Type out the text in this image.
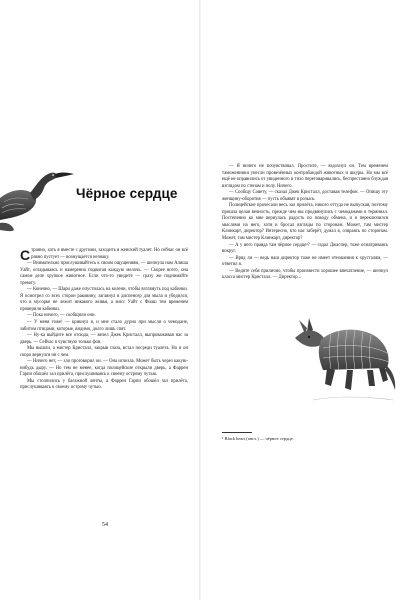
Чёрное сердце

Странно, хоть я вместе с другими, заходить в женский туалет. Но сейчас он всё равно пустует — возмущается незнаку.

— Внимательно прислушивайтесь к своим ощущениям, — шепнула нам Алиша Уайт, оглядываясь и намеренна подвигая каждую мелочь. — Скорее всего, она самом деле хрупкое животное. Если что-то увидите — сразу же поднимайте тревогу.

— Конечно, — Шари даже опустилась на колени, чтобы взглянуть под кабинки. Я осмотрел со всех сторон раковину, заглянул в диспенсер для мыла и убедился, что в мусорке не лежит никакого живья, а мисс Уайт с Фиаш тем временем проверили кабинки.

— Пока ничего, — сообщили они.

— У меня тоже! — крикнул я, и мне стало дурно при мысли о чемодане, забитом птицами, которые, видимо, долго лишь спят.

— Ну-ка выйдите все отсюда, — велел Джек Кристалл, выпроваживая нас за дверь. — Сейчас я чувствую только фон.

Мы вышли, а мистер Кристалл, закрыв глаза, встал посреди туалета. Но и он скоро вернулся ни с чем.

— Ничего нет, — зло проговорил он. — Она исчезла. Может быть через какую-нибудь дыру. — Но тем не менее, когда полицейские открыли дверь, а Фаррен Гарпи обошёл зал прилёта, прислушиваясь к своему острому чутью.

Мы столпились у багажной ленты, а Фаррен Гарпи обошёл зал прилёта, прислушиваясь к своему острому чутью.

54

— Я ничего не почувствовал. Простите, — вздохнул он. Тем временем таможенники унесли провезённых контрабандой животных и шкуры. Но мы всё ещё не оправились от увиденного и тихо переговаривались, беспрестанно блуждая взглядом по стенам и полу. Ничего.

— Сообщу Совету, — сказал Джек Кристалл, доставая телефон. — Опишу эту женщину-оборотня — пусть объявят в розыск.

Полицейские прочесали весь зал прилёта, никого оттуда не выпуская, поэтому прошла целая вечность, прежде чем мы продвинулись с чемоданами в терминал. Постепенно ко мне вернулась радость по поводу обмена, и я переключился мыслями на него, хотя и бросал взгляды по сторонам. Может, там мистер Клинкарт, директор? Интересно, кто нас заберёт, думал я, озираясь по сторонам. Может, там мистер Клинкарт, директор?

— А у него правда там чёрное сердце¹? — гадал Джаспер, тоже осматриваясь вокруг.

— Вряд ли — ведь наш директор тоже не имеет отношения к хрусталям, — ответил я.

— Ведите себя прилично, чтобы произвести хорошее впечатление, — шепнул класса мистер Кристалл. — Директор...

¹ Black heart (англ.) — чёрное сердце.
